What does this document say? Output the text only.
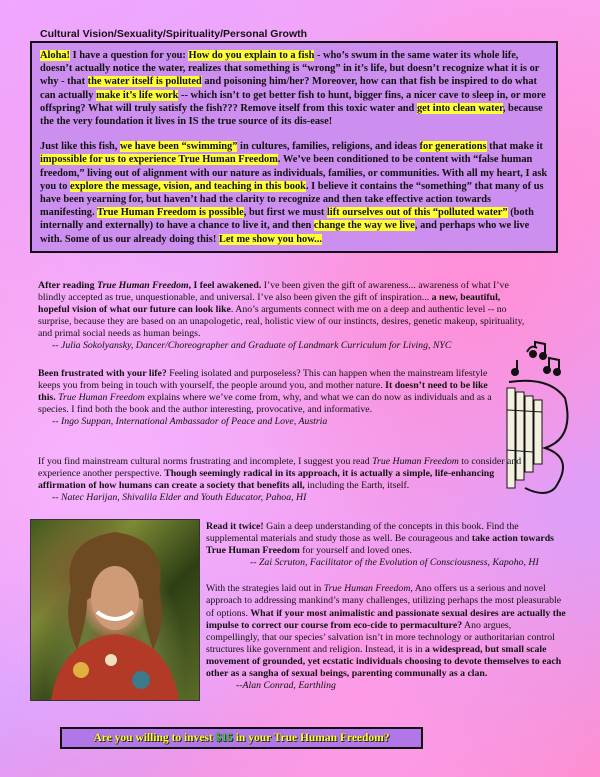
Cultural Vision/Sexuality/Spirituality/Personal Growth

Aloha! I have a question for you: How do you explain to a fish - who’s swum in the same water its whole life, doesn’t actually notice the water, realizes that something is “wrong” in it’s life, but doesn’t recognize what it is or why - that the water itself is polluted and poisoning him/her? Moreover, how can that fish be inspired to do what can actually make it’s life work -- which isn’t to get better fish to hunt, bigger fins, a nicer cave to sleep in, or more offspring? What will truly satisfy the fish??? Remove itself from this toxic water and get into clean water, because the the very foundation it lives in IS the true source of its dis-ease!

Just like this fish, we have been “swimming” in cultures, families, religions, and ideas for generations that make it impossible for us to experience True Human Freedom. We’ve been conditioned to be content with “false human freedom,” living out of alignment with our nature as individuals, families, or communities. With all my heart, I ask you to explore the message, vision, and teaching in this book. I believe it contains the “something” that many of us have been yearning for, but haven’t had the clarity to recognize and then take effective action towards manifesting. True Human Freedom is possible, but first we must lift ourselves out of this “polluted water” (both internally and externally) to have a chance to live it, and then change the way we live, and perhaps who we live with. Some of us our already doing this! Let me show you how...

After reading True Human Freedom, I feel awakened. I’ve been given the gift of awareness... awareness of what I’ve blindly accepted as true, unquestionable, and universal. I’ve also been given the gift of inspiration... a new, beautiful, hopeful vision of what our future can look like. Ano’s arguments connect with me on a deep and authentic level -- no surprise, because they are based on an unapologetic, real, holistic view of our instincts, desires, genetic makeup, spirituality, and primal social needs as human beings.
-- Julia Sokolyansky, Dancer/Choreographer and Graduate of Landmark Curriculum for Living, NYC
Been frustrated with your life? Feeling isolated and purposeless? This can happen when the mainstream lifestyle keeps you from being in touch with yourself, the people around you, and mother nature. It doesn’t need to be like this. True Human Freedom explains where we’ve come from, why, and what we can do now as individuals and as a species. I find both the book and the author interesting, provocative, and informative.
-- Ingo Suppan, International Ambassador of Peace and Love, Austria
If you find mainstream cultural norms frustrating and incomplete, I suggest you read True Human Freedom to consider and experience another perspective. Though seemingly radical in its approach, it is actually a simple, life-enhancing affirmation of how humans can create a society that benefits all, including the Earth, itself.
-- Natec Harijan, Shivalila Elder and Youth Educator, Pahoa, HI

Read it twice! Gain a deep understanding of the concepts in this book. Find the supplemental materials and study those as well. Be courageous and take action towards True Human Freedom for yourself and loved ones.
-- Zai Scruton, Facilitator of the Evolution of Consciousness, Kapoho, HI

With the strategies laid out in True Human Freedom, Ano offers us a serious and novel approach to addressing mankind’s many challenges, utilizing perhaps the most pleasurable of options. What if your most animalistic and passionate sexual desires are actually the impulse to correct our course from eco-cide to permaculture? Ano argues, compellingly, that our species’ salvation isn’t in more technology or authoritarian control structures like government and religion. Instead, it is in a widespread, but small scale movement of grounded, yet ecstatic individuals choosing to devote themselves to each other as a sangha of sexual beings, parenting communally as a clan.
--Alan Conrad, Earthling

Are you willing to invest $15 in your True Human Freedom?
